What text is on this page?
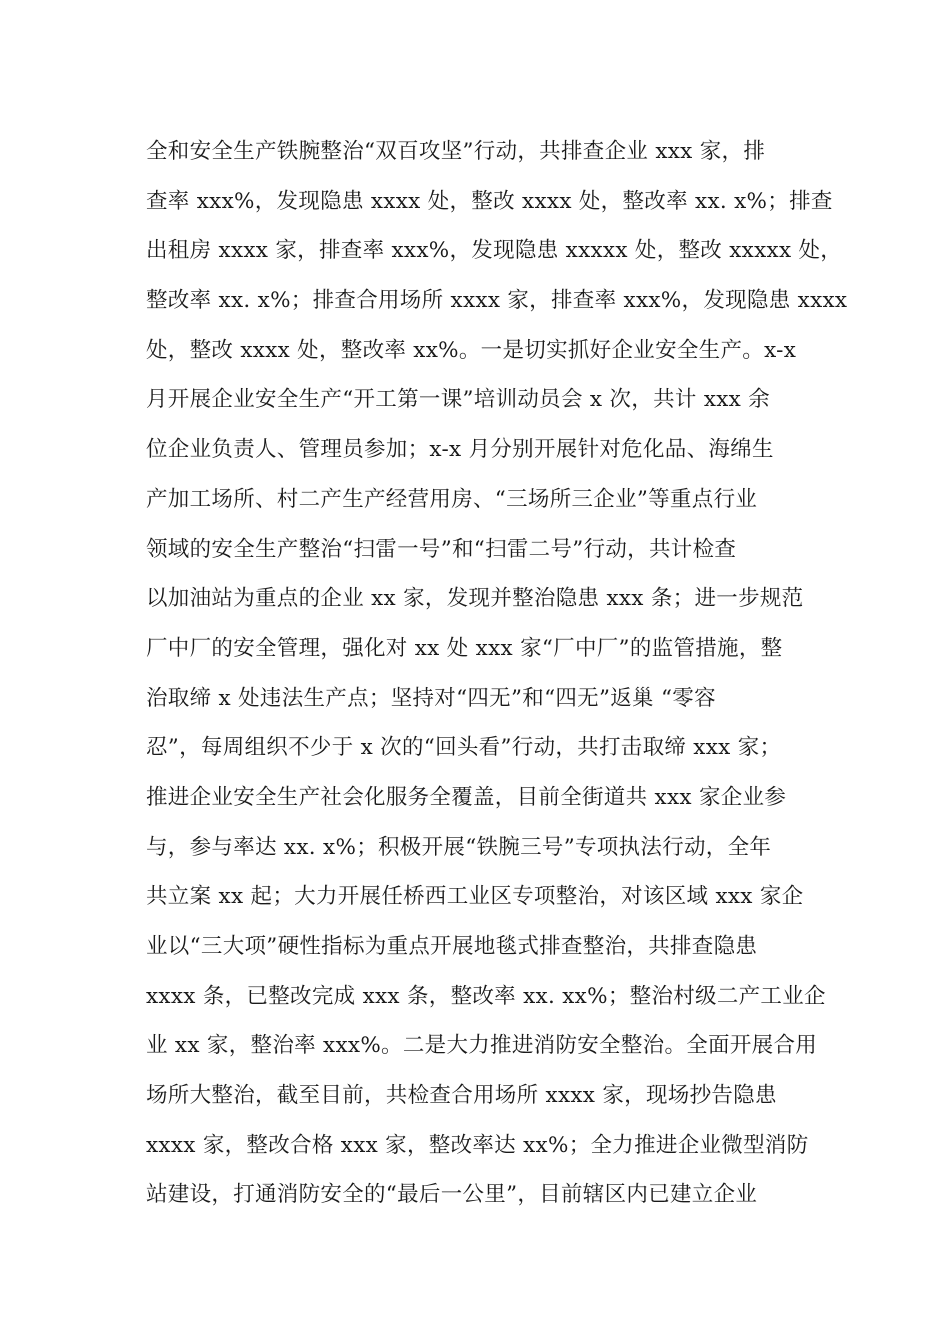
全和安全生产铁腕整治“双百攻坚”行动，共排查企业 xxx 家，排
查率 xxx%，发现隐患 xxxx 处，整改 xxxx 处，整改率 xx. x%；排查
出租房 xxxx 家，排查率 xxx%，发现隐患 xxxxx 处，整改 xxxxx 处，
整改率 xx. x%；排查合用场所 xxxx 家，排查率 xxx%，发现隐患 xxxx
处，整改 xxxx 处，整改率 xx%。一是切实抓好企业安全生产。x-x
月开展企业安全生产“开工第一课”培训动员会 x 次，共计 xxx 余
位企业负责人、管理员参加；x-x 月分别开展针对危化品、海绵生
产加工场所、村二产生产经营用房、“三场所三企业”等重点行业
领域的安全生产整治“扫雷一号”和“扫雷二号”行动，共计检查
以加油站为重点的企业 xx 家，发现并整治隐患 xxx 条；进一步规范
厂中厂的安全管理，强化对 xx 处 xxx 家“厂中厂”的监管措施，整
治取缔 x 处违法生产点；坚持对“四无”和“四无”返巢 “零容
忍”，每周组织不少于 x 次的“回头看”行动，共打击取缔 xxx 家；
推进企业安全生产社会化服务全覆盖，目前全街道共 xxx 家企业参
与，参与率达 xx. x%；积极开展“铁腕三号”专项执法行动，全年
共立案 xx 起；大力开展任桥西工业区专项整治，对该区域 xxx 家企
业以“三大项”硬性指标为重点开展地毯式排查整治，共排查隐患
xxxx 条，已整改完成 xxx 条，整改率 xx. xx%；整治村级二产工业企
业 xx 家，整治率 xxx%。二是大力推进消防安全整治。全面开展合用
场所大整治，截至目前，共检查合用场所 xxxx 家，现场抄告隐患
xxxx 家，整改合格 xxx 家，整改率达 xx%；全力推进企业微型消防
站建设，打通消防安全的“最后一公里”，目前辖区内已建立企业
